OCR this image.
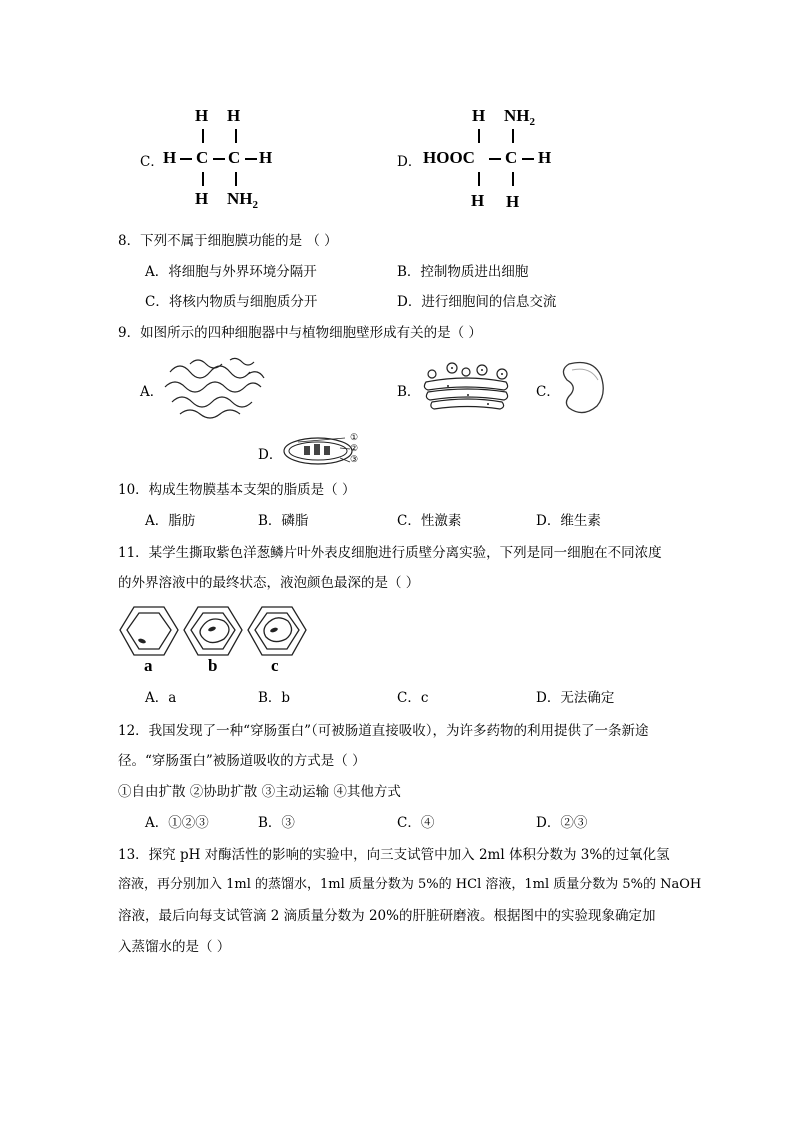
C．
H H
H C C H
H $NH_2$
D．
H $NH_2$
HOOC C H
H H
8．下列不属于细胞膜功能的是 （ ）
A．将细胞与外界环境分隔开	B．控制物质进出细胞
C．将核内物质与细胞质分开	D．进行细胞间的信息交流
9．如图所示的四种细胞器中与植物细胞壁形成有关的是（ ）
A．	B．	C．
D．
①
②
③
10．构成生物膜基本支架的脂质是（ ）
A．脂肪	B．磷脂	C．性激素	D．维生素
11．某学生撕取紫色洋葱鳞片叶外表皮细胞进行质壁分离实验，下列是同一细胞在不同浓度
的外界溶液中的最终状态，液泡颜色最深的是（ ）
a	b	c
A．a	B．b	C．c	D．无法确定
12．我国发现了一种“穿肠蛋白”（可被肠道直接吸收），为许多药物的利用提供了一条新途
径。“穿肠蛋白”被肠道吸收的方式是（ ）
①自由扩散 ②协助扩散 ③主动运输 ④其他方式
A．①②③	B．③	C．④	D．②③
13．探究 pH 对酶活性的影响的实验中，向三支试管中加入 2ml 体积分数为 3%的过氧化氢
溶液，再分别加入 1ml 的蒸馏水，1ml 质量分数为 5%的 HCl 溶液，1ml 质量分数为 5%的 NaOH
溶液，最后向每支试管滴 2 滴质量分数为 20%的肝脏研磨液。根据图中的实验现象确定加
入蒸馏水的是（ ）
